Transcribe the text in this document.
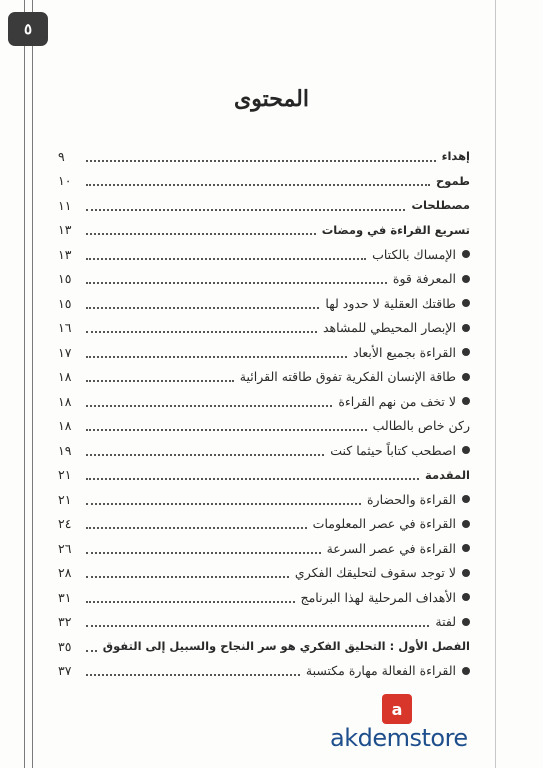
٥
المحتوى
إهداء
٩
طموح
١٠
مصطلحات
١١
تسريع القراءة في ومضات
١٣
الإمساك بالكتاب
١٣
المعرفة قوة
١٥
طاقتك العقلية لا حدود لها
١٥
الإبصار المحيطي للمشاهد
١٦
القراءة بجميع الأبعاد
١٧
طاقة الإنسان الفكرية تفوق طاقته القرائية
١٨
لا تخف من نهم القراءة
١٨
ركن خاص بالطالب
١٨
اصطحب كتاباً حيثما كنت
١٩
المقدمة
٢١
القراءة والحضارة
٢١
القراءة في عصر المعلومات
٢٤
القراءة في عصر السرعة
٢٦
لا توجد سقوف لتحليقك الفكري
٢٨
الأهداف المرحلية لهذا البرنامج
٣١
لفتة
٣٢
الفصل الأول : التحليق الفكري هو سر النجاح والسبيل إلى التفوق
٣٥
القراءة الفعالة مهارة مكتسبة
٣٧
a
akdemstore
